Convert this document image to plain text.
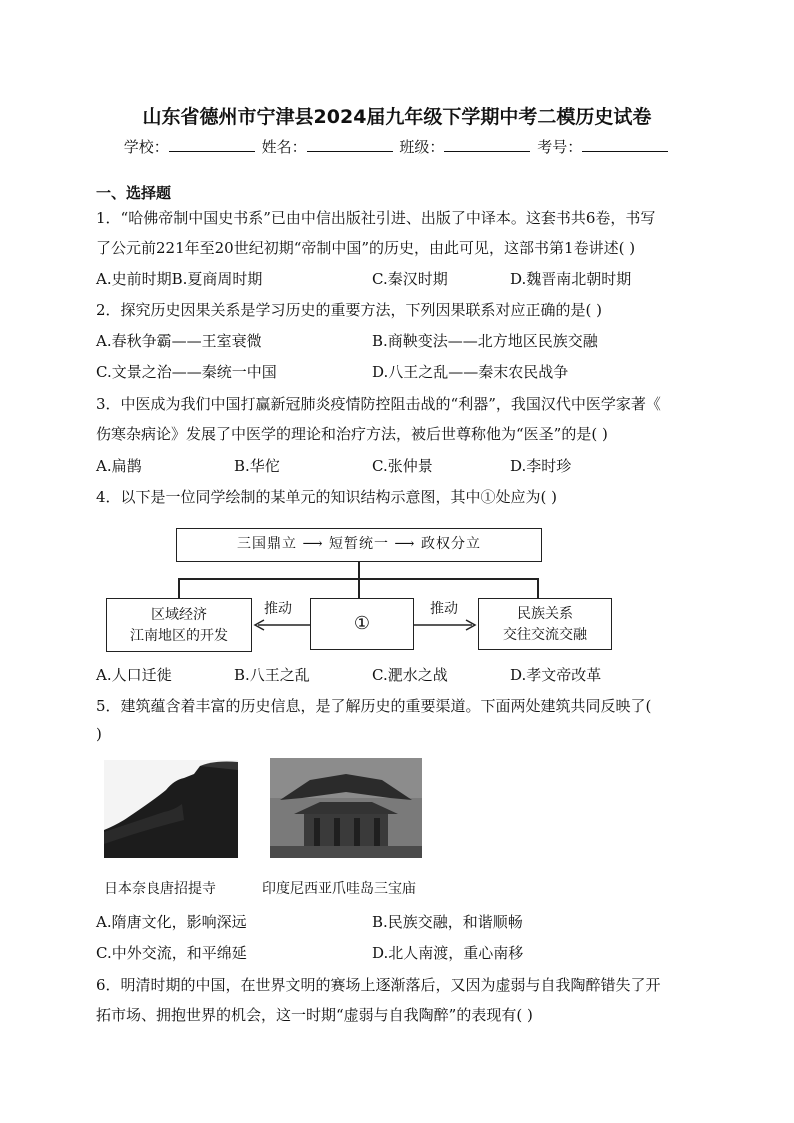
山东省德州市宁津县2024届九年级下学期中考二模历史试卷
学校：	姓名：	班级：	考号：
一、选择题
1．“哈佛帝制中国史书系”已由中信出版社引进、出版了中译本。这套书共6卷，书写
了公元前221年至20世纪初期“帝制中国”的历史，由此可见，这部书第1卷讲述( )
A.史前时期B.夏商周时期	C.秦汉时期	D.魏晋南北朝时期
2．探究历史因果关系是学习历史的重要方法，下列因果联系对应正确的是( )
A.春秋争霸——王室衰微	B.商鞅变法——北方地区民族交融
C.文景之治——秦统一中国	D.八王之乱——秦末农民战争
3．中医成为我们中国打赢新冠肺炎疫情防控阻击战的“利器”，我国汉代中医学家著《
伤寒杂病论》发展了中医学的理论和治疗方法，被后世尊称他为“医圣”的是( )
A.扁鹊	B.华佗	C.张仲景	D.李时珍
4．以下是一位同学绘制的某单元的知识结构示意图，其中①处应为( )
三国鼎立 ⟶ 短暂统一 ⟶ 政权分立
区域经济
江南地区的开发
①	民族关系
交往交流交融
推动	推动
A.人口迁徙	B.八王之乱	C.淝水之战	D.孝文帝改革
5．建筑蕴含着丰富的历史信息，是了解历史的重要渠道。下面两处建筑共同反映了(
)
日本奈良唐招提寺	印度尼西亚爪哇岛三宝庙
A.隋唐文化，影响深远	B.民族交融，和谐顺畅
C.中外交流，和平绵延	D.北人南渡，重心南移
6．明清时期的中国，在世界文明的赛场上逐渐落后，又因为虚弱与自我陶醉错失了开
拓市场、拥抱世界的机会，这一时期“虚弱与自我陶醉”的表现有( )
